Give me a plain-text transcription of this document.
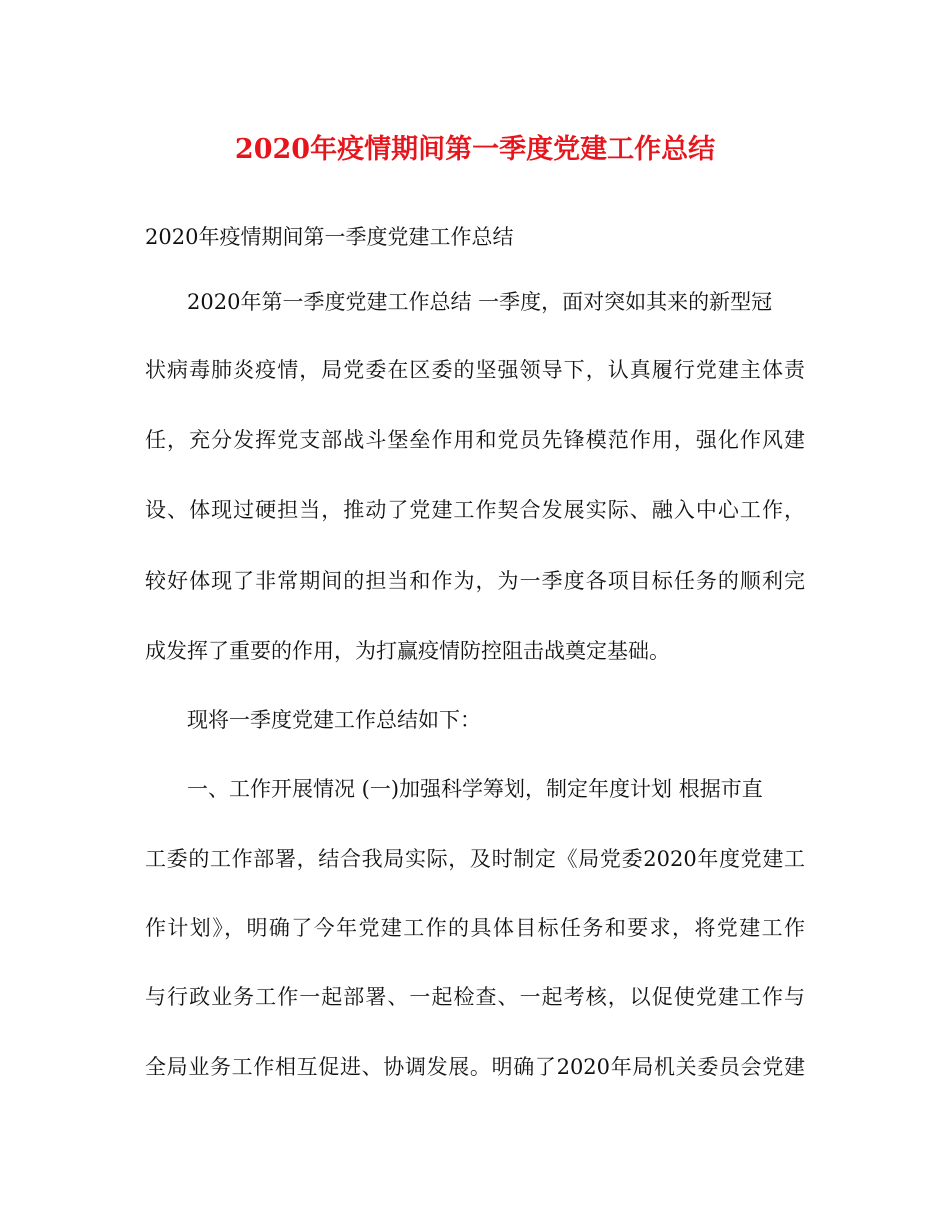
2020年疫情期间第一季度党建工作总结
2020年疫情期间第一季度党建工作总结
2020年第一季度党建工作总结 一季度，面对突如其来的新型冠
状病毒肺炎疫情，局党委在区委的坚强领导下，认真履行党建主体责
任，充分发挥党支部战斗堡垒作用和党员先锋模范作用，强化作风建
设、体现过硬担当，推动了党建工作契合发展实际、融入中心工作，
较好体现了非常期间的担当和作为，为一季度各项目标任务的顺利完
成发挥了重要的作用，为打赢疫情防控阻击战奠定基础。
现将一季度党建工作总结如下：
一、工作开展情况 (一)加强科学筹划，制定年度计划 根据市直
工委的工作部署，结合我局实际，及时制定《局党委2020年度党建工
作计划》，明确了今年党建工作的具体目标任务和要求，将党建工作
与行政业务工作一起部署、一起检查、一起考核，以促使党建工作与
全局业务工作相互促进、协调发展。明确了2020年局机关委员会党建
